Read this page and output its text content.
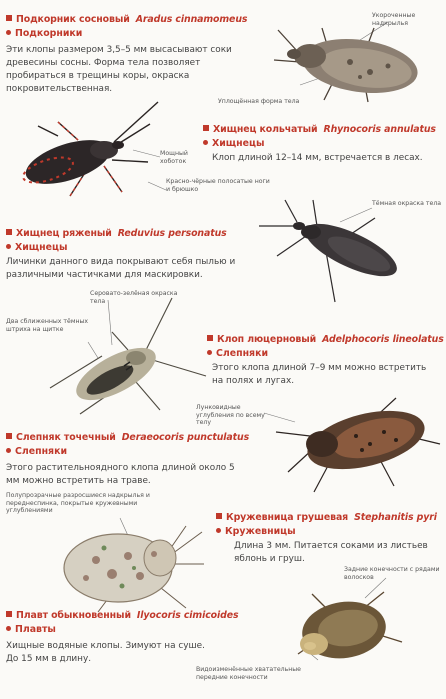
Подкорник сосновый Aradus cinnamomeus
Подкорники
Эти клопы размером 3,5–5 мм высасывают соки древесины сосны. Форма тела позволяет пробираться в трещины коры, окраска покровительственная.
Укороченные надкрылья
Уплощённая форма тела
Мощный хоботок
Красно-чёрные полосатые ноги и брюшко
Хищнец кольчатый Rhynocoris annulatus
Хищнецы
Клоп длиной 12–14 мм, встречается в лесах.
Тёмная окраска тела
Хищнец ряженый Reduvius personatus
Хищнецы
Личинки данного вида покрывают себя пылью и различными частичками для маскировки.
Серовато-зелёная окраска тела
Два сближенных тёмных штриха на щитке
Клоп люцерновый Adelphocoris lineolatus
Слепняки
Этого клопа длиной 7–9 мм можно встретить на полях и лугах.
Лунковидные углубления по всему телу
Слепняк точечный Deraeocoris punctulatus
Слепняки
Этого растительноядного клопа длиной около 5 мм можно встретить на траве.
Полупрозрачные разросшиеся надкрылья и переднеспинка, покрытые кружевными углублениями
Кружевница грушевая Stephanitis pyri
Кружевницы
Длина 3 мм. Питается соками из листьев яблонь и груш.
Задние конечности с рядами волосков
Плавт обыкновенный Ilyocoris cimicoides
Плавты
Хищные водяные клопы. Зимуют на суше. До 15 мм в длину.
Видоизменённые хватательные передние конечности
